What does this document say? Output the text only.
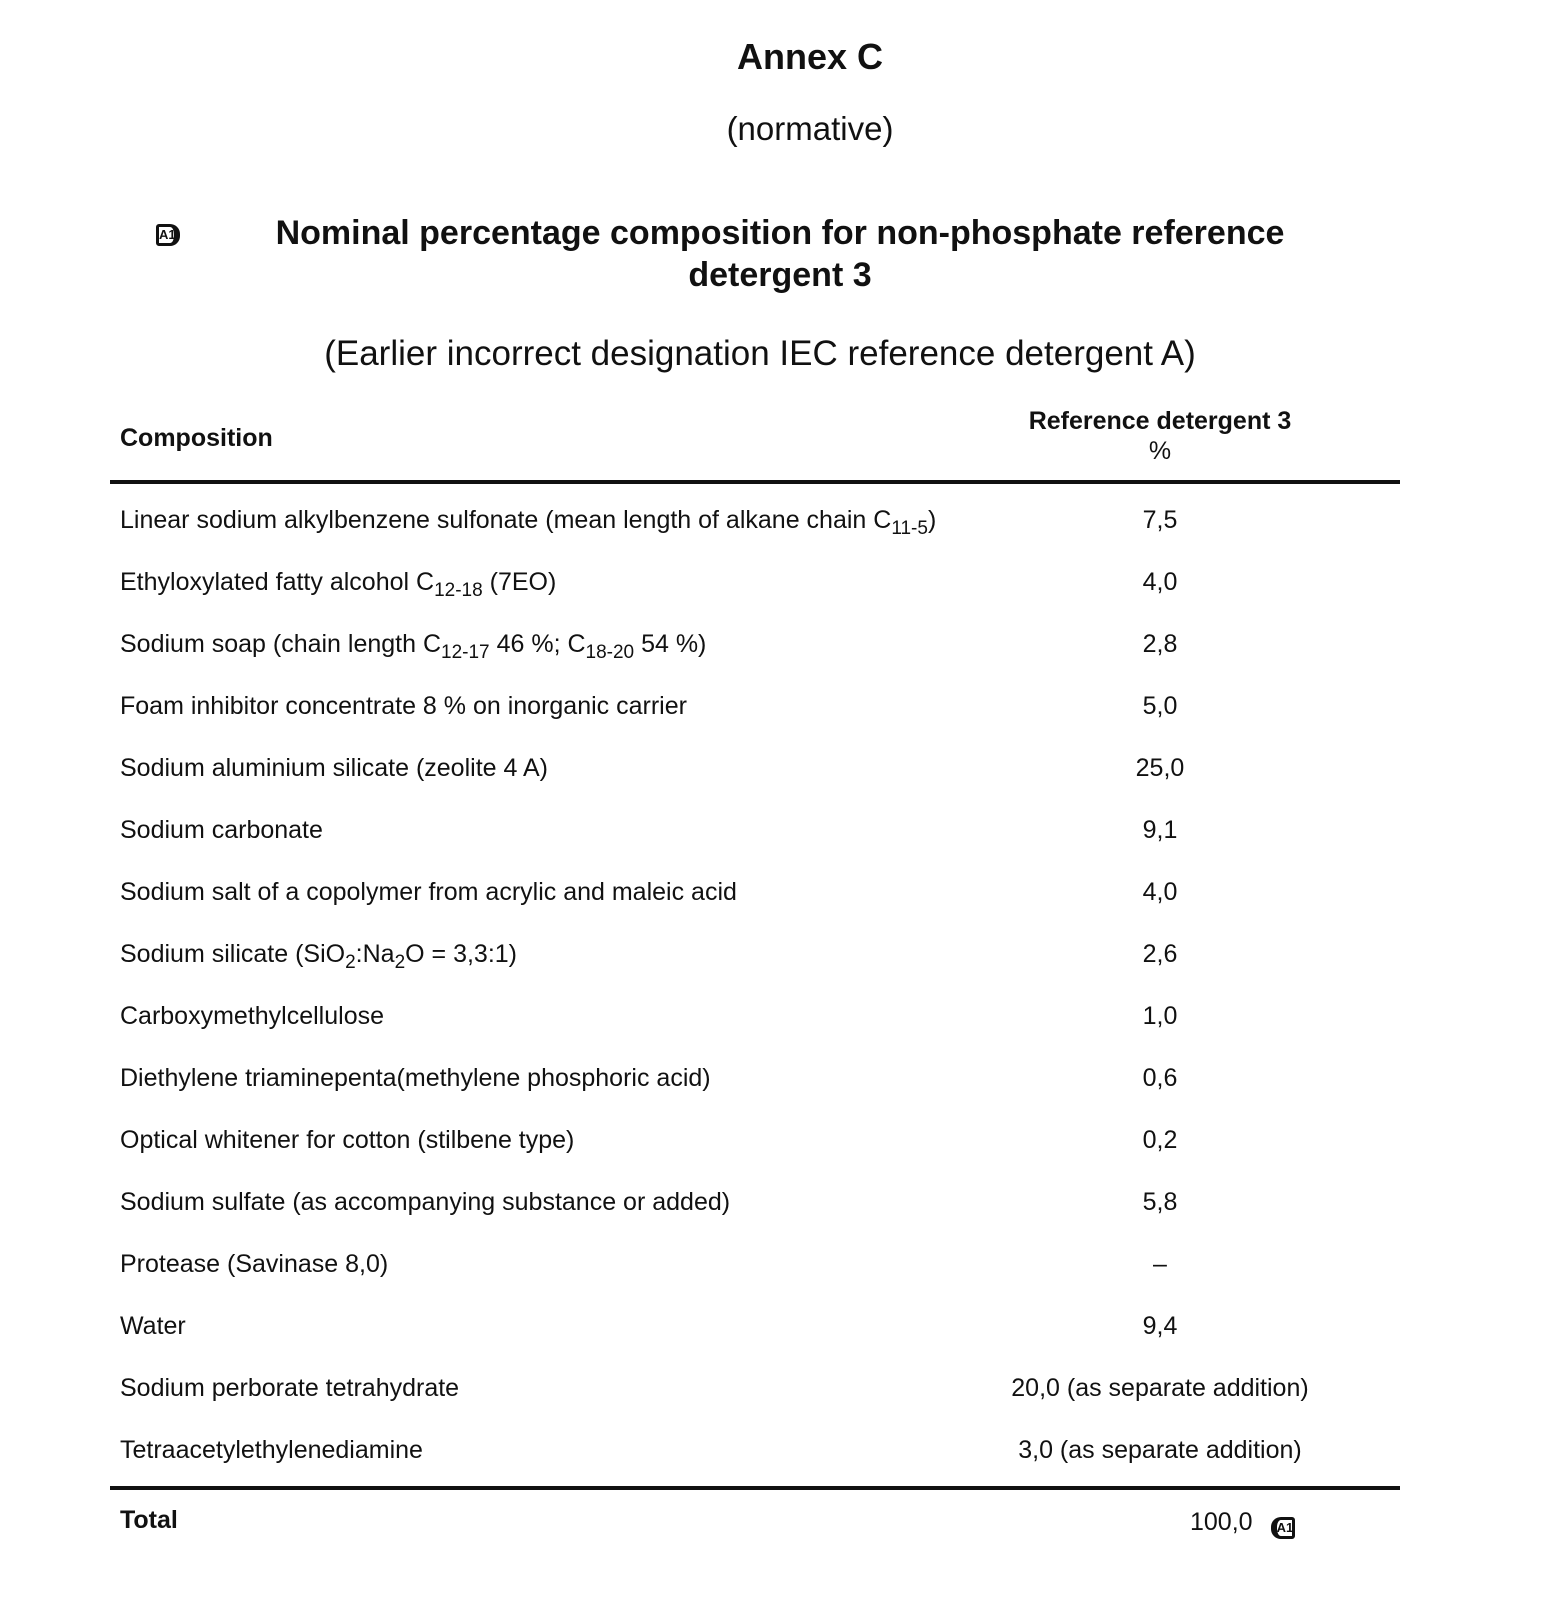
Annex C
(normative)
A1	Nominal percentage composition for non-phosphate reference
detergent 3
(Earlier incorrect designation IEC reference detergent A)
Composition
Reference detergent 3
%
Linear sodium alkylbenzene sulfonate (mean length of alkane chain $C_{11-5}$)	7,5
Ethyloxylated fatty alcohol $C_{12-18}$ (7EO)	4,0
Sodium soap (chain length $C_{12-17}$ 46 %; $C_{18-20}$ 54 %)	2,8
Foam inhibitor concentrate 8 % on inorganic carrier	5,0
Sodium aluminium silicate (zeolite 4 A)	25,0
Sodium carbonate	9,1
Sodium salt of a copolymer from acrylic and maleic acid	4,0
Sodium silicate ($SiO_2:Na_2O$ = 3,3:1)	2,6
Carboxymethylcellulose	1,0
Diethylene triaminepenta(methylene phosphoric acid)	0,6
Optical whitener for cotton (stilbene type)	0,2
Sodium sulfate (as accompanying substance or added)	5,8
Protease (Savinase 8,0)	–
Water	9,4
Sodium perborate tetrahydrate	20,0 (as separate addition)
Tetraacetylethylenediamine	3,0 (as separate addition)
Total	100,0 A1
